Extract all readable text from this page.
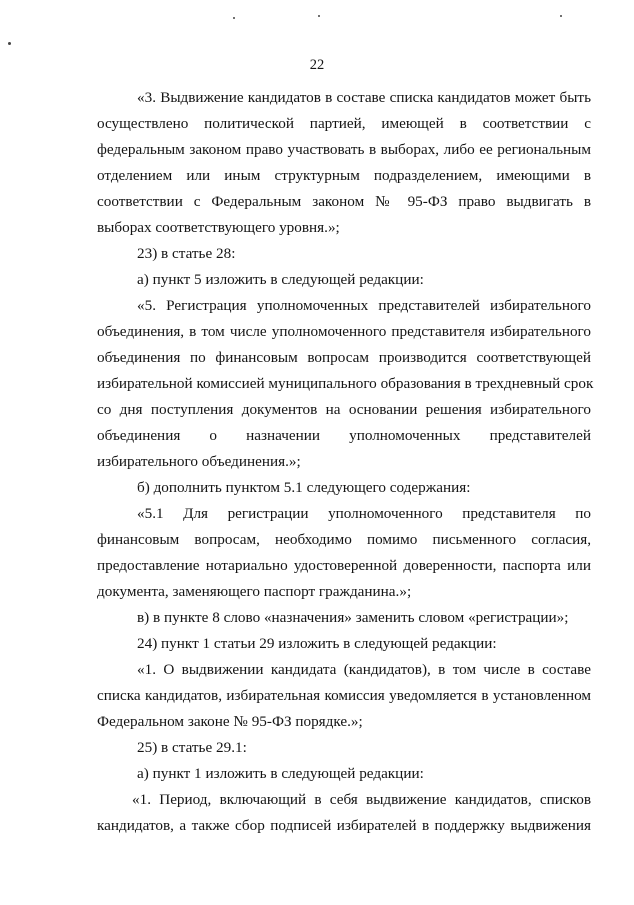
22
«3. Выдвижение кандидатов в составе списка кандидатов может быть
осуществлено политической партией, имеющей в соответствии с
федеральным законом право участвовать в выборах, либо ее региональным
отделением или иным структурным подразделением, имеющими в
соответствии с Федеральным законом № 95-ФЗ право выдвигать в
выборах соответствующего уровня.»;
23) в статье 28:
а) пункт 5 изложить в следующей редакции:
«5. Регистрация уполномоченных представителей избирательного
объединения, в том числе уполномоченного представителя избирательного
объединения по финансовым вопросам производится соответствующей
избирательной комиссией муниципального образования в трехдневный срок
со дня поступления документов на основании решения избирательного
объединения о назначении уполномоченных представителей
избирательного объединения.»;
б) дополнить пунктом 5.1 следующего содержания:
«5.1 Для регистрации уполномоченного представителя по
финансовым вопросам, необходимо помимо письменного согласия,
предоставление нотариально удостоверенной доверенности, паспорта или
документа, заменяющего паспорт гражданина.»;
в) в пункте 8 слово «назначения» заменить словом «регистрации»;
24) пункт 1 статьи 29 изложить в следующей редакции:
«1. О выдвижении кандидата (кандидатов), в том числе в составе
списка кандидатов, избирательная комиссия уведомляется в установленном
Федеральном законе № 95-ФЗ порядке.»;
25) в статье 29.1:
а) пункт 1 изложить в следующей редакции:
«1. Период, включающий в себя выдвижение кандидатов, списков
кандидатов, а также сбор подписей избирателей в поддержку выдвижения
